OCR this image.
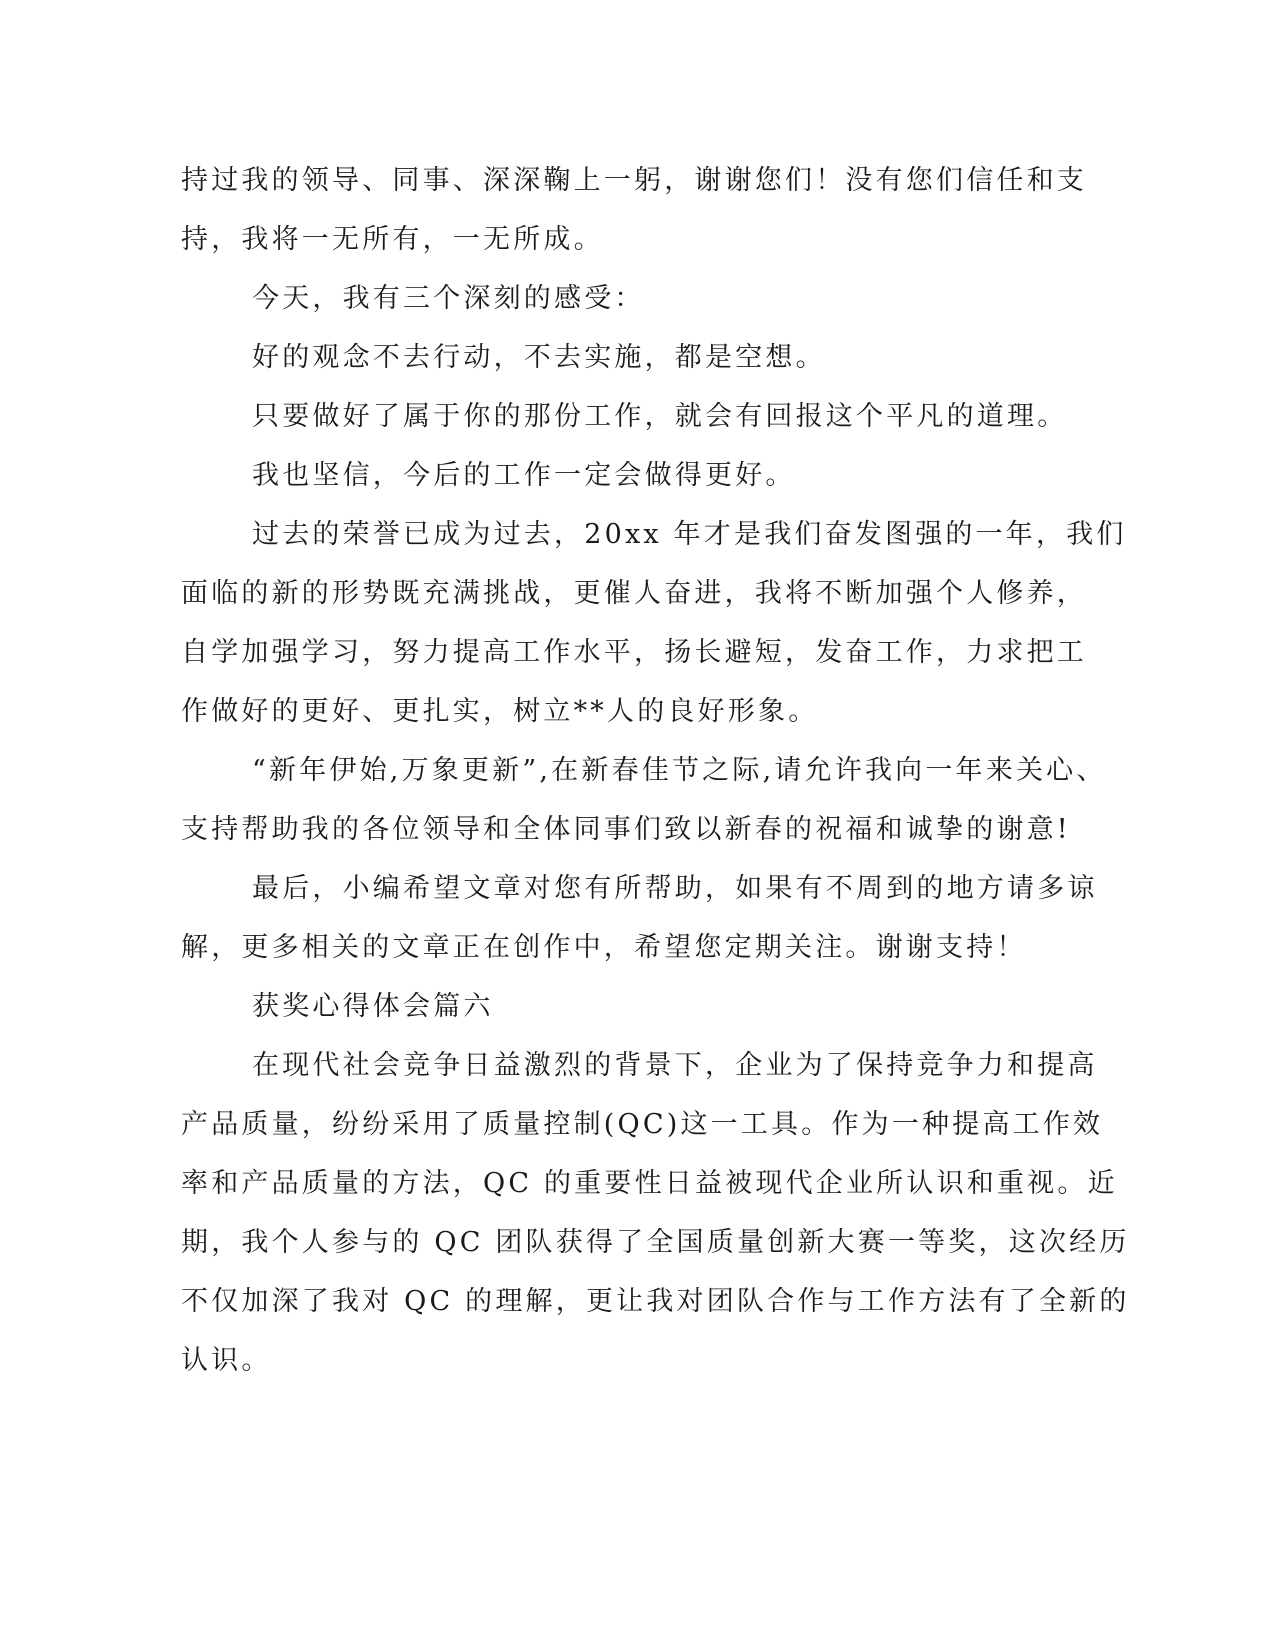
持过我的领导、同事、深深鞠上一躬，谢谢您们！没有您们信任和支

持，我将一无所有，一无所成。

今天，我有三个深刻的感受：

好的观念不去行动，不去实施，都是空想。

只要做好了属于你的那份工作，就会有回报这个平凡的道理。

我也坚信，今后的工作一定会做得更好。

过去的荣誉已成为过去，20xx 年才是我们奋发图强的一年，我们

面临的新的形势既充满挑战，更催人奋进，我将不断加强个人修养，

自学加强学习，努力提高工作水平，扬长避短，发奋工作，力求把工

作做好的更好、更扎实，树立**人的良好形象。

“新年伊始,万象更新”,在新春佳节之际,请允许我向一年来关心、

支持帮助我的各位领导和全体同事们致以新春的祝福和诚挚的谢意!

最后，小编希望文章对您有所帮助，如果有不周到的地方请多谅

解，更多相关的文章正在创作中，希望您定期关注。谢谢支持！

获奖心得体会篇六

在现代社会竞争日益激烈的背景下，企业为了保持竞争力和提高

产品质量，纷纷采用了质量控制(QC)这一工具。作为一种提高工作效

率和产品质量的方法，QC 的重要性日益被现代企业所认识和重视。近

期，我个人参与的 QC 团队获得了全国质量创新大赛一等奖，这次经历

不仅加深了我对 QC 的理解，更让我对团队合作与工作方法有了全新的

认识。
